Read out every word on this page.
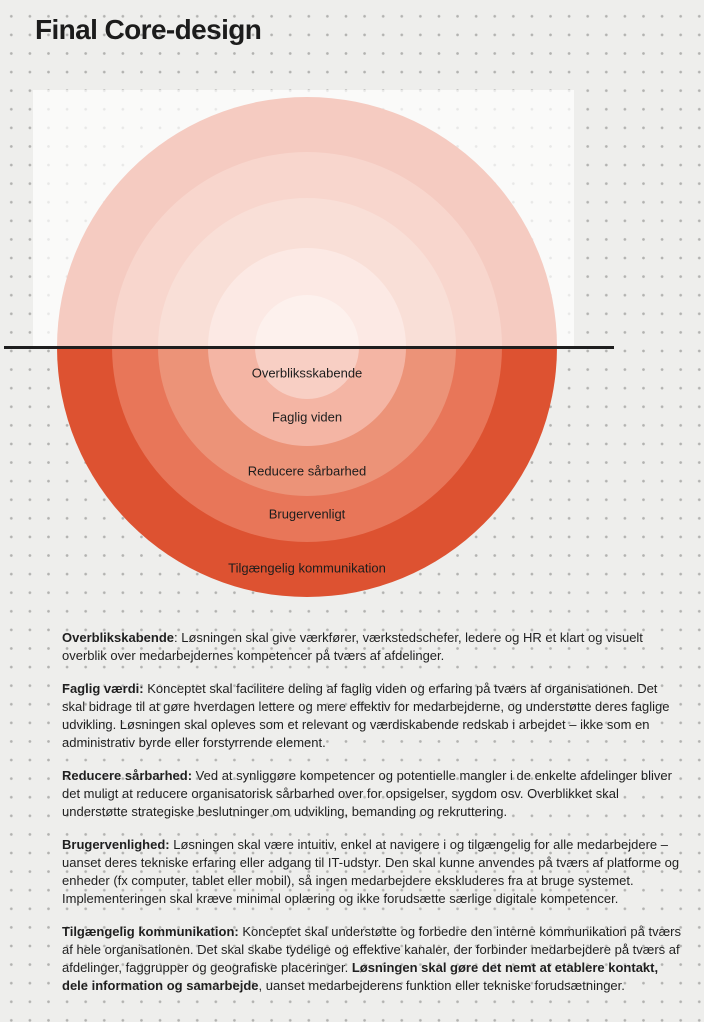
Final Core-design
Overbliksskabende
Faglig viden
Reducere sårbarhed
Brugervenligt
Tilgængelig kommunikation

Overblikskabende: Løsningen skal give værkfører, værkstedschefer, ledere og HR et klart og visuelt overblik over medarbejdernes kompetencer på tværs af afdelinger.

Faglig værdi: Konceptet skal facilitere deling af faglig viden og erfaring på tværs af organisationen. Det skal bidrage til at gøre hverdagen lettere og mere effektiv for medarbejderne, og understøtte deres faglige udvikling. Løsningen skal opleves som et relevant og værdiskabende redskab i arbejdet – ikke som en administrativ byrde eller forstyrrende element.

Reducere sårbarhed: Ved at synliggøre kompetencer og potentielle mangler i de enkelte afdelinger bliver det muligt at reducere organisatorisk sårbarhed over for opsigelser, sygdom osv. Overblikket skal understøtte strategiske beslutninger om udvikling, bemanding og rekruttering.

Brugervenlighed: Løsningen skal være intuitiv, enkel at navigere i og tilgængelig for alle medarbejdere – uanset deres tekniske erfaring eller adgang til IT-udstyr. Den skal kunne anvendes på tværs af platforme og enheder (fx computer, tablet eller mobil), så ingen medarbejdere ekskluderes fra at bruge systemet. Implementeringen skal kræve minimal oplæring og ikke forudsætte særlige digitale kompetencer.

Tilgængelig kommunikation: Konceptet skal understøtte og forbedre den interne kommunikation på tværs af hele organisationen. Det skal skabe tydelige og effektive kanaler, der forbinder medarbejdere på tværs af afdelinger, faggrupper og geografiske placeringer. Løsningen skal gøre det nemt at etablere kontakt, dele information og samarbejde, uanset medarbejderens funktion eller tekniske forudsætninger.
